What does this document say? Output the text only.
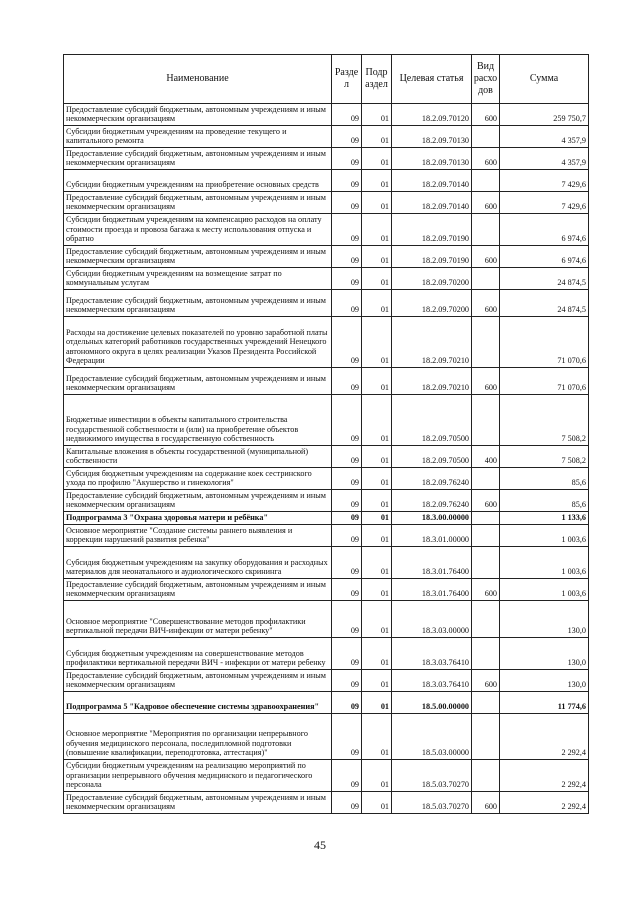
Наименование	Разде л	Подр аздел	Целевая статья	Вид расхо дов	Сумма
Предоставление субсидий бюджетным, автономным учреждениям и иным некоммерческим организациям	09	01	18.2.09.70120	600	259 750,7
Субсидии бюджетным учреждениям на проведение текущего и капитального ремонта	09	01	18.2.09.70130		4 357,9
Предоставление субсидий бюджетным, автономным учреждениям и иным некоммерческим организациям	09	01	18.2.09.70130	600	4 357,9
Субсидии бюджетным учреждениям на приобретение основных средств	09	01	18.2.09.70140		7 429,6
Предоставление субсидий бюджетным, автономным учреждениям и иным некоммерческим организациям	09	01	18.2.09.70140	600	7 429,6
Субсидии бюджетным учреждениям на компенсацию расходов на оплату стоимости проезда и провоза багажа к месту использования отпуска и обратно	09	01	18.2.09.70190		6 974,6
Предоставление субсидий бюджетным, автономным учреждениям и иным некоммерческим организациям	09	01	18.2.09.70190	600	6 974,6
Субсидии бюджетным учреждениям на возмещение затрат по коммунальным услугам	09	01	18.2.09.70200		24 874,5
Предоставление субсидий бюджетным, автономным учреждениям и иным некоммерческим организациям	09	01	18.2.09.70200	600	24 874,5
Расходы на достижение целевых показателей по уровню заработной платы отдельных категорий работников государственных учреждений Ненецкого автономного округа в целях реализации Указов Президента Российской Федерации	09	01	18.2.09.70210		71 070,6
Предоставление субсидий бюджетным, автономным учреждениям и иным некоммерческим организациям	09	01	18.2.09.70210	600	71 070,6
Бюджетные инвестиции в объекты капитального строительства государственной собственности и (или) на приобретение объектов недвижимого имущества в государственную собственность	09	01	18.2.09.70500		7 508,2
Капитальные вложения в объекты государственной (муниципальной) собственности	09	01	18.2.09.70500	400	7 508,2
Субсидия бюджетным учреждениям на содержание коек сестринского ухода по профилю "Акушерство и гинекология"	09	01	18.2.09.76240		85,6
Предоставление субсидий бюджетным, автономным учреждениям и иным некоммерческим организациям	09	01	18.2.09.76240	600	85,6
Подпрограмма 3 "Охрана здоровья матери и ребёнка"	09	01	18.3.00.00000		1 133,6
Основное мероприятие "Создание системы раннего выявления и коррекции нарушений развития ребенка"	09	01	18.3.01.00000		1 003,6
Субсидия бюджетным учреждениям на закупку оборудования и расходных материалов для неонатального и аудиологического скрининга	09	01	18.3.01.76400		1 003,6
Предоставление субсидий бюджетным, автономным учреждениям и иным некоммерческим организациям	09	01	18.3.01.76400	600	1 003,6
Основное мероприятие "Совершенствование методов профилактики вертикальной передачи ВИЧ-инфекции от матери ребенку"	09	01	18.3.03.00000		130,0
Субсидия бюджетным учреждениям на совершенствование методов профилактики вертикальной передачи ВИЧ - инфекции от матери ребенку	09	01	18.3.03.76410		130,0
Предоставление субсидий бюджетным, автономным учреждениям и иным некоммерческим организациям	09	01	18.3.03.76410	600	130,0
Подпрограмма 5 "Кадровое обеспечение системы здравоохранения"	09	01	18.5.00.00000		11 774,6
Основное мероприятие "Мероприятия по организации непрерывного обучения медицинского персонала, последипломной подготовки (повышение квалификации, переподготовка, аттестация)"	09	01	18.5.03.00000		2 292,4
Субсидии бюджетным учреждениям на реализацию мероприятий по организации непрерывного обучения медицинского и педагогического персонала	09	01	18.5.03.70270		2 292,4
Предоставление субсидий бюджетным, автономным учреждениям и иным некоммерческим организациям	09	01	18.5.03.70270	600	2 292,4
45
